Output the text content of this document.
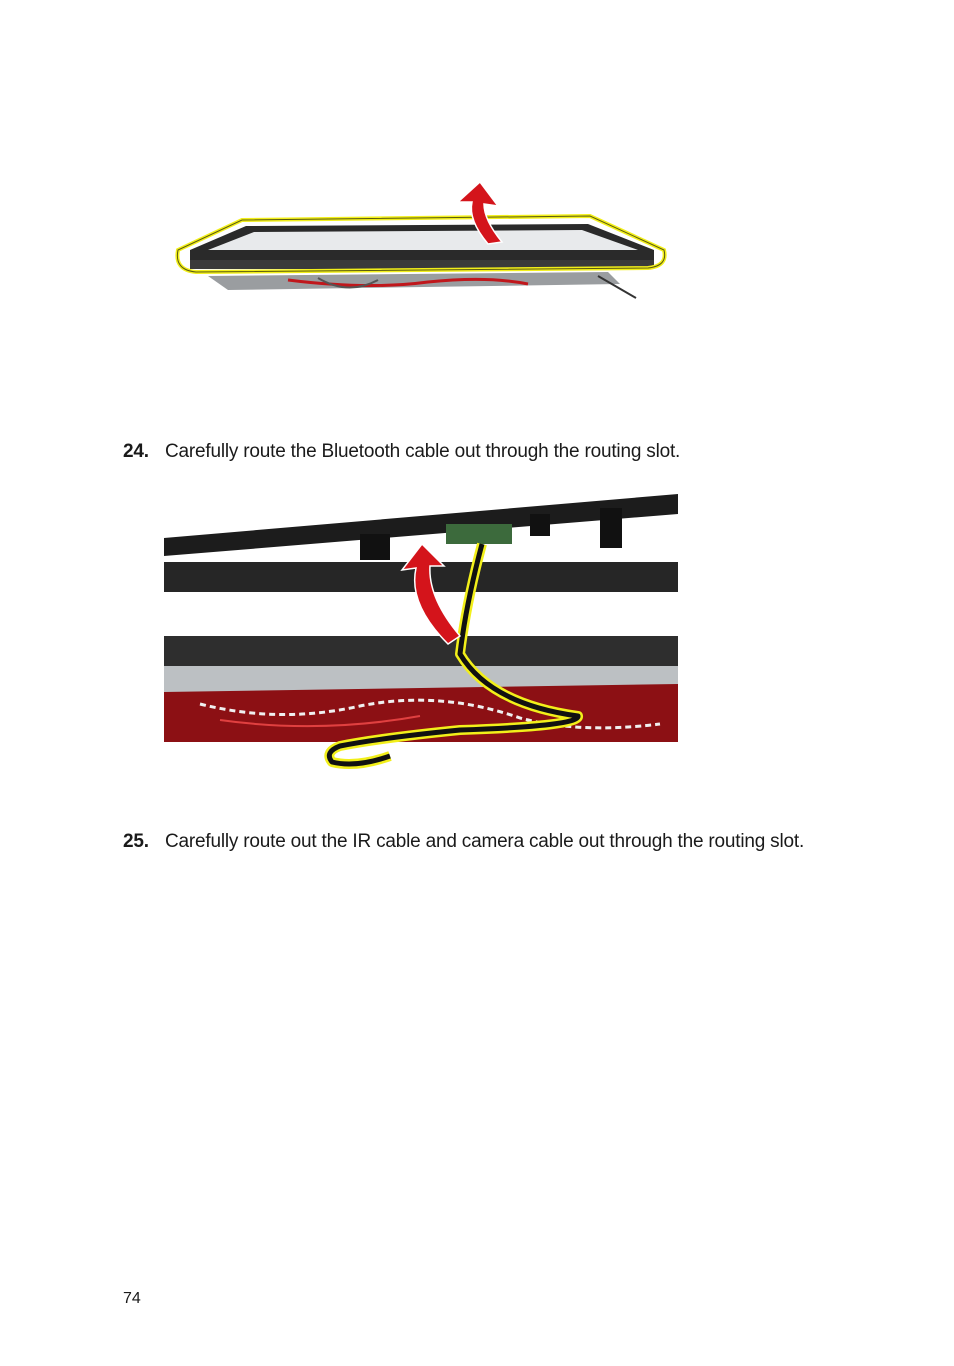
24. Carefully route the Bluetooth cable out through the routing slot.
25. Carefully route out the IR cable and camera cable out through the routing slot.
74
